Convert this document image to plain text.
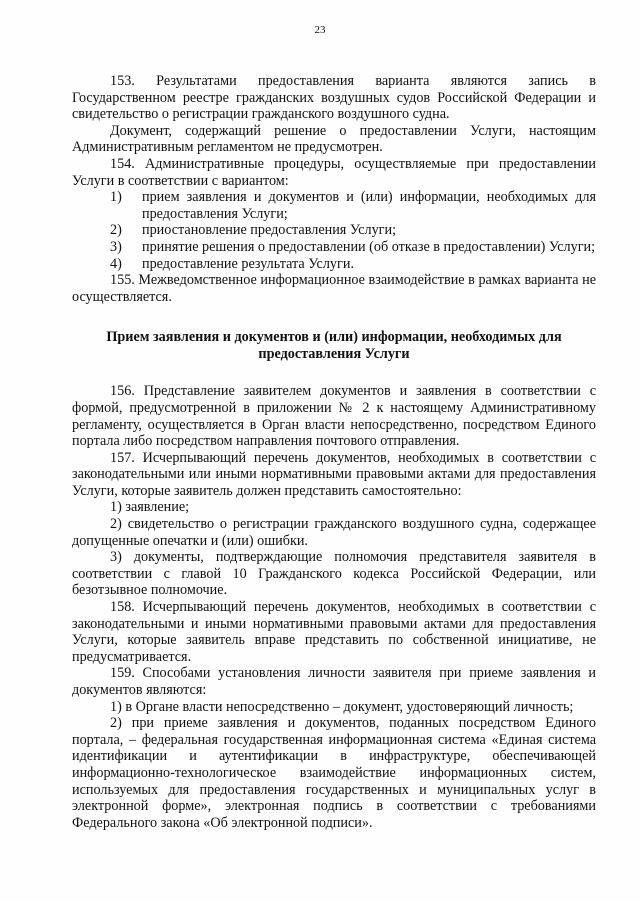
23

153. Результатами предоставления варианта являются запись в Государственном реестре гражданских воздушных судов Российской Федерации и свидетельство о регистрации гражданского воздушного судна.

Документ, содержащий решение о предоставлении Услуги, настоящим Административным регламентом не предусмотрен.

154. Административные процедуры, осуществляемые при предоставлении Услуги в соответствии с вариантом:

1)	прием заявления и документов и (или) информации, необходимых для предоставления Услуги;
2)	приостановление предоставления Услуги;
3)	принятие решения о предоставлении (об отказе в предоставлении) Услуги;
4)	предоставление результата Услуги.

155. Межведомственное информационное взаимодействие в рамках варианта не осуществляется.

Прием заявления и документов и (или) информации, необходимых для

предоставления Услуги

156. Представление заявителем документов и заявления в соответствии с формой, предусмотренной в приложении № 2 к настоящему Административному регламенту, осуществляется в Орган власти непосредственно, посредством Единого портала либо посредством направления почтового отправления.

157. Исчерпывающий перечень документов, необходимых в соответствии с законодательными или иными нормативными правовыми актами для предоставления Услуги, которые заявитель должен представить самостоятельно:

1) заявление;

2) свидетельство о регистрации гражданского воздушного судна, содержащее допущенные опечатки и (или) ошибки.

3) документы, подтверждающие полномочия представителя заявителя в соответствии с главой 10 Гражданского кодекса Российской Федерации, или безотзывное полномочие.

158. Исчерпывающий перечень документов, необходимых в соответствии с законодательными и иными нормативными правовыми актами для предоставления Услуги, которые заявитель вправе представить по собственной инициативе, не предусматривается.

159. Способами установления личности заявителя при приеме заявления и документов являются:

1) в Органе власти непосредственно – документ, удостоверяющий личность;

2) при приеме заявления и документов, поданных посредством Единого портала, – федеральная государственная информационная система «Единая система идентификации и аутентификации в инфраструктуре, обеспечивающей информационно-технологическое взаимодействие информационных систем, используемых для предоставления государственных и муниципальных услуг в электронной форме», электронная подпись в соответствии с требованиями Федерального закона «Об электронной подписи».
